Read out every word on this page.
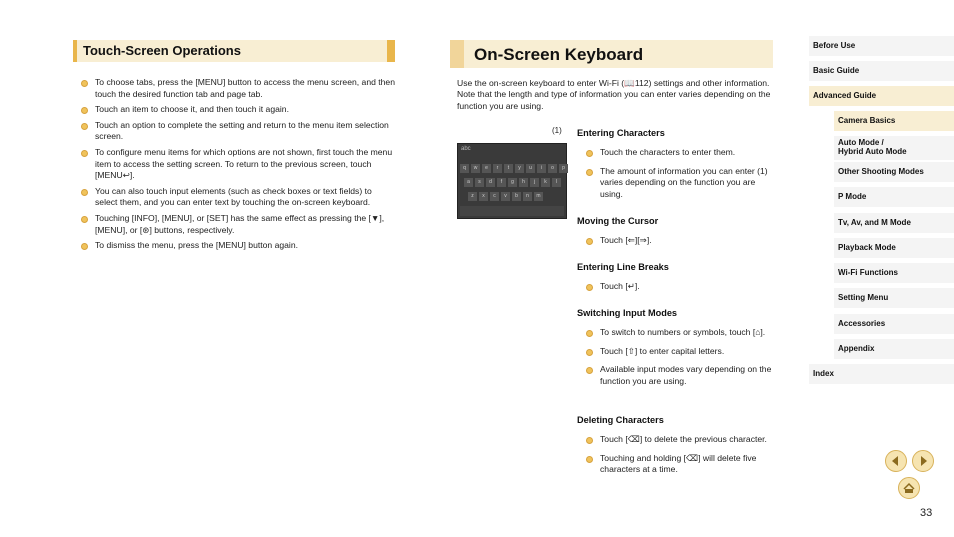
Touch-Screen Operations
To choose tabs, press the [MENU] button to access the menu screen, and then touch the desired function tab and page tab.
Touch an item to choose it, and then touch it again.
Touch an option to complete the setting and return to the menu item selection screen.
To configure menu items for which options are not shown, first touch the menu item to access the setting screen. To return to the previous screen, touch [MENU↩].
You can also touch input elements (such as check boxes or text fields) to select them, and you can enter text by touching the on-screen keyboard.
Touching [INFO], [MENU], or [SET] has the same effect as pressing the [▼], [MENU], or [⊛] buttons, respectively.
To dismiss the menu, press the [MENU] button again.
On-Screen Keyboard
Use the on-screen keyboard to enter Wi-Fi (📖112) settings and other information. Note that the length and type of information you can enter varies depending on the function you are using.
(1)
abc
q	w	e	r	t	y	u	i	o	p
a	s	d	f	g	h	j	k	l
z	x	c	v	b	n	m
Entering Characters
Touch the characters to enter them.
The amount of information you can enter (1) varies depending on the function you are using.
Moving the Cursor
Touch [⇐][⇒].
Entering Line Breaks
Touch [↵].
Switching Input Modes
To switch to numbers or symbols, touch [⌂].
Touch [⇧] to enter capital letters.
Available input modes vary depending on the function you are using.
Deleting Characters
Touch [⌫] to delete the previous character.
Touching and holding [⌫] will delete five characters at a time.
Before Use
Basic Guide
Advanced Guide
Camera Basics
Auto Mode /
Hybrid Auto Mode
Other Shooting Modes
P Mode
Tv, Av, and M Mode
Playback Mode
Wi-Fi Functions
Setting Menu
Accessories
Appendix
Index
33
